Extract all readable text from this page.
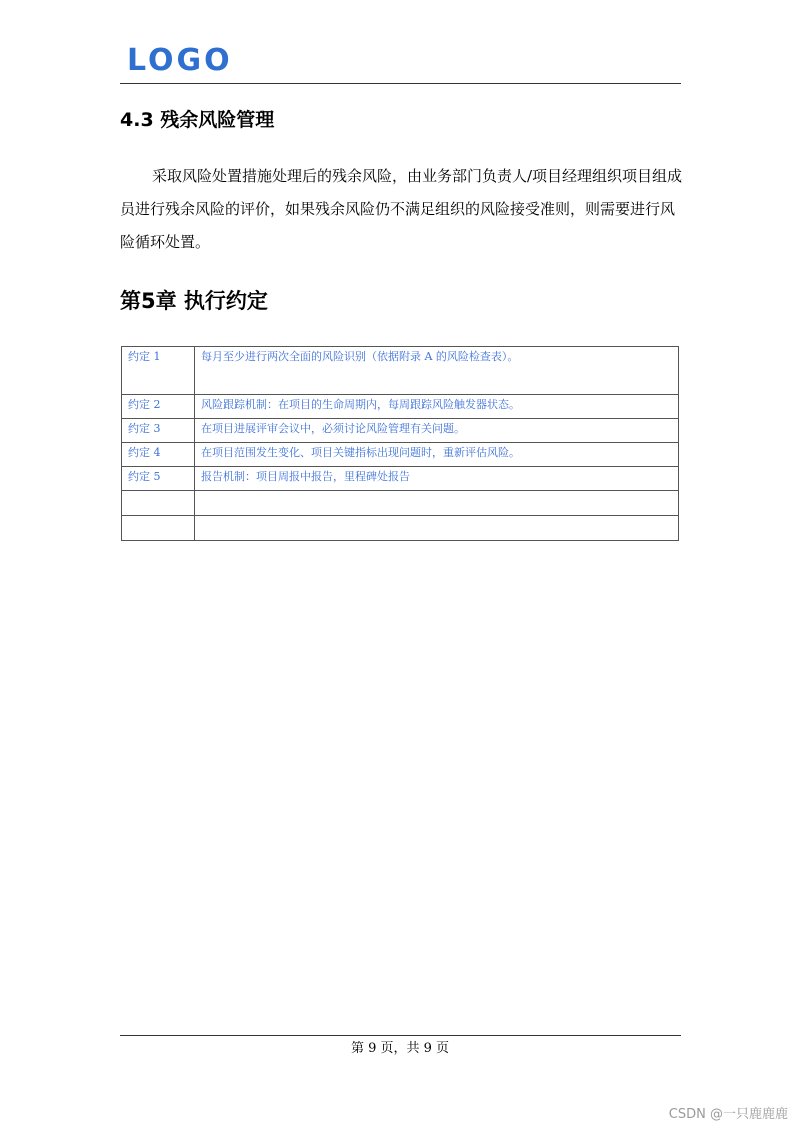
LOGO
4.3 残余风险管理

采取风险处置措施处理后的残余风险，由业务部门负责人/项目经理组织项目组成员进行残余风险的评价，如果残余风险仍不满足组织的风险接受准则，则需要进行风险循环处置。

第5章 执行约定
约定 1	每月至少进行两次全面的风险识别（依据附录 A 的风险检查表）。
约定 2	风险跟踪机制：在项目的生命周期内，每周跟踪风险触发器状态。
约定 3	在项目进展评审会议中，必须讨论风险管理有关问题。
约定 4	在项目范围发生变化、项目关键指标出现问题时，重新评估风险。
约定 5	报告机制：项目周报中报告，里程碑处报告

第 9 页，共 9 页
CSDN @一只鹿鹿鹿
